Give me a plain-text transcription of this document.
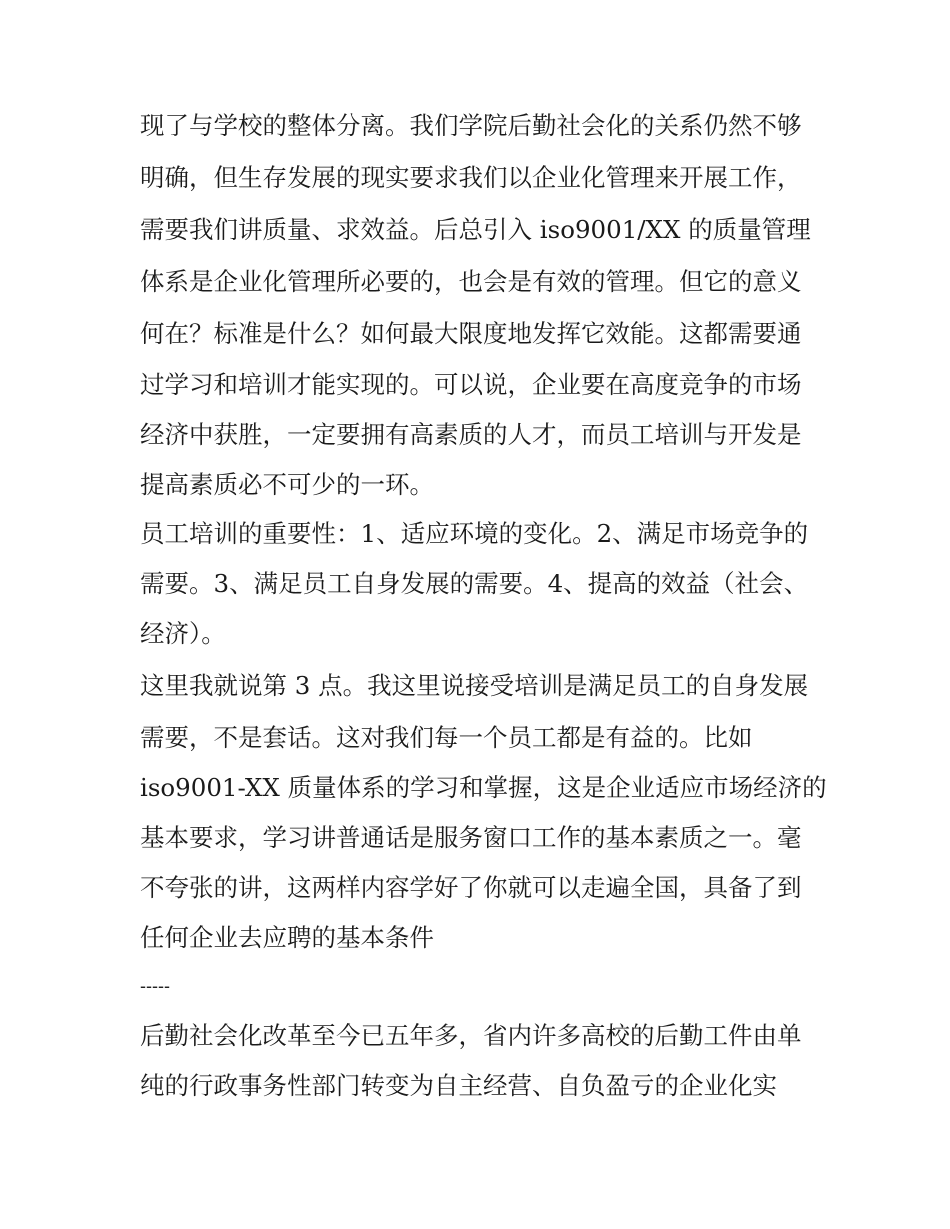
现了与学校的整体分离。我们学院后勤社会化的关系仍然不够
明确，但生存发展的现实要求我们以企业化管理来开展工作，
需要我们讲质量、求效益。后总引入 iso9001/XX 的质量管理
体系是企业化管理所必要的，也会是有效的管理。但它的意义
何在？标准是什么？如何最大限度地发挥它效能。这都需要通
过学习和培训才能实现的。可以说，企业要在高度竞争的市场
经济中获胜，一定要拥有高素质的人才，而员工培训与开发是
提高素质必不可少的一环。
员工培训的重要性：1、适应环境的变化。2、满足市场竞争的
需要。3、满足员工自身发展的需要。4、提高的效益（社会、
经济）。
这里我就说第 3 点。我这里说接受培训是满足员工的自身发展
需要，不是套话。这对我们每一个员工都是有益的。比如
iso9001-XX 质量体系的学习和掌握，这是企业适应市场经济的
基本要求，学习讲普通话是服务窗口工作的基本素质之一。毫
不夸张的讲，这两样内容学好了你就可以走遍全国，具备了到
任何企业去应聘的基本条件
-----
后勤社会化改革至今已五年多，省内许多高校的后勤工件由单
纯的行政事务性部门转变为自主经营、自负盈亏的企业化实
